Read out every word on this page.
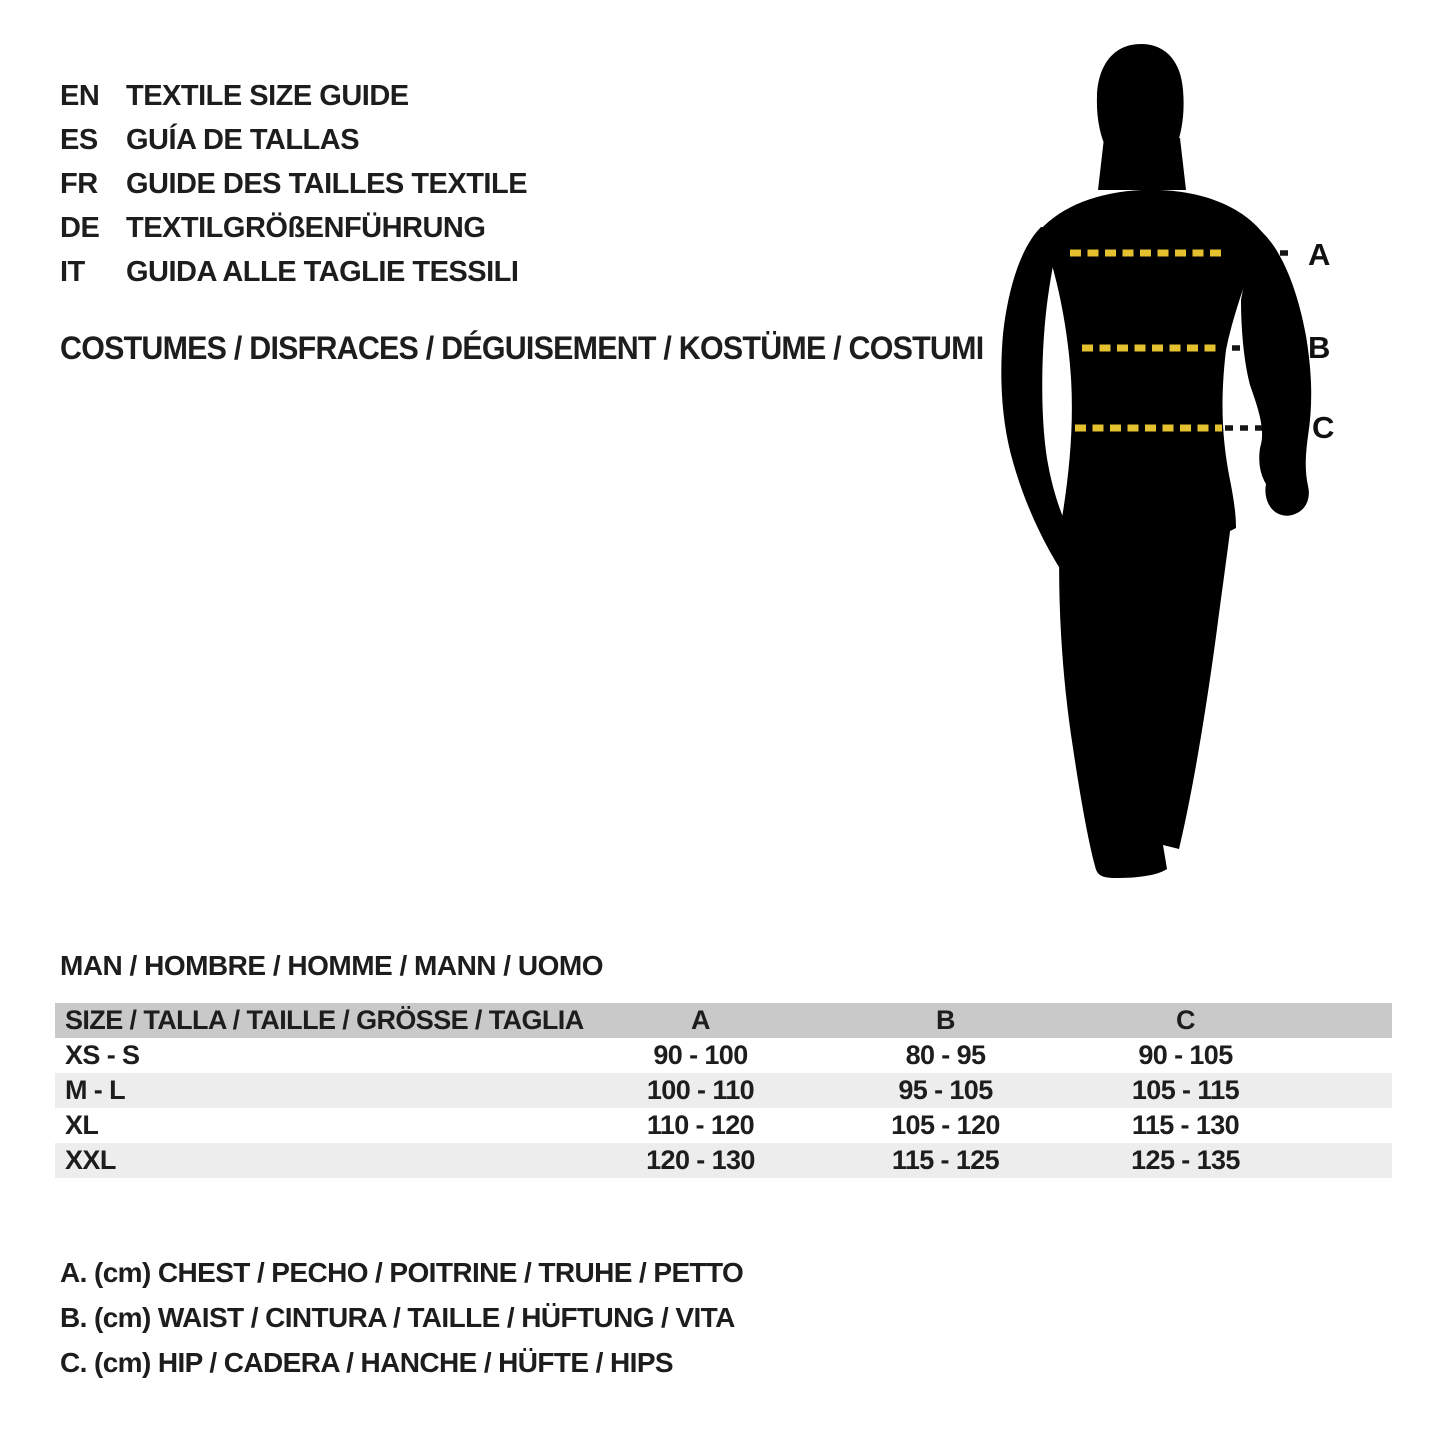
EN TEXTILE SIZE GUIDE
ES GUÍA DE TALLAS
FR GUIDE DES TAILLES TEXTILE
DE TEXTILGRÖßENFÜHRUNG
IT	GUIDA ALLE TAGLIE TESSILI
COSTUMES / DISFRACES / DÉGUISEMENT / KOSTÜME / COSTUMI
A
B
C
MAN / HOMBRE / HOMME / MANN / UOMO
SIZE / TALLA / TAILLE / GRÖSSE / TAGLIA	A	B	C	
XS - S	90 - 100	80 - 95	90 - 105	
M - L	100 - 110	95 - 105	105 - 115	
XL	110 - 120	105 - 120	115 - 130	
XXL	120 - 130	115 - 125	125 - 135	
A. (cm) CHEST / PECHO / POITRINE / TRUHE / PETTO
B. (cm) WAIST / CINTURA / TAILLE / HÜFTUNG / VITA
C. (cm) HIP / CADERA / HANCHE / HÜFTE / HIPS
